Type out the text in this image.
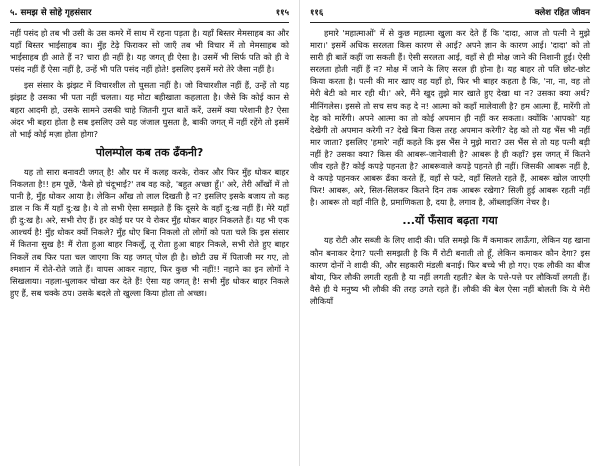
५. समझ से सोहे गृहसंसार	११५

नहीं पसंद हो तब भी उसी के उस कमरे में साथ में रहना पड़ता है। यहाँ बिस्तर मेमसाहब का और यहाँ बिस्तर भाईसाहब का। मुँह टेढ़े फिराकर सो जाएँ तब भी विचार में तो मेमसाहब को भाईसाहब ही आते हैं न? चारा ही नहीं है। यह जगत् ही ऐसा है। उसमें भी सिर्फ पति को ही वे पसंद नहीं हैं ऐसा नहीं है, उन्हें भी पति पसंद नहीं होते! इसलिए इसमें मरो तेरे जैसा नहीं है।

इस संसार के झंझट में विचारशील तो घुसता नहीं है। जो विचारशील नहीं हैं, उन्हें तो यह झंझट है उसका भी पता नहीं चलता। यह मोटा बहीखाता कहलाता है। जैसे कि कोई कान से बहरा आदमी हो, उसके सामने उसकी चाहे जितनी गुप्त बातें करें, उसमें क्या परेशानी है? ऐसा अंदर भी बहरा होता है सब इसलिए उसे यह जंजाल घुसता है, बाकी जगत् में नहीं रहेंगे तो इसमें तो भाई कोई मज़ा होता होगा?

पोलम्पोल कब तक ढँकनी?

यह तो सारा बनावटी जगत् है! और घर में कलह करके, रोकर और फिर मुँह धोकर बाहर निकलता है!! हम पूछें, 'कैसे हो चंदूभाई?' तब वह कहे, 'बहुत अच्छा हूँ।' अरे, तेरी आँखों में तो पानी है, मुँह धोकर आया है। लेकिन आँख तो लाल दिखती है न? इसलिए इसके बजाय तो कह डाल न कि मैं यहाँ दु:ख है। ये तो सभी ऐसा समझते हैं कि दूसरे के वहाँ दु:ख नहीं हैं। मेरे यहाँ ही दु:ख है। अरे, सभी रोए हैं। हर कोई घर पर ये रोकर मुँह धोकर बाहर निकलते हैं। यह भी एक आश्चर्य है! मुँह धोकर क्यों निकले? मुँह धोए बिना निकलो तो लोगों को पता चले कि इस संसार में कितना सुख है! मैं रोता हुआ बाहर निकलूँ, तू रोता हुआ बाहर निकले, सभी रोते हुए बाहर निकलें तब फिर पता चल जाएगा कि यह जगत् पोल ही है। छोटी उम्र में पिताजी मर गए, तो श्मशान में रोते-रोते जाते हैं। वापस आकर नहाए, फिर कुछ भी नहीं!! नहाने का इन लोगों ने सिखलाया। नहला-धुलाकर चोखा कर देते हैं! ऐसा यह जगत् है! सभी मुँह धोकर बाहर निकले हुए हैं, सब चक्के ठप। उसके बदले तो खुल्ला किया होता तो अच्छा।

११६	क्लेश रहित जीवन

हमारे 'महात्माओं' में से कुछ महात्मा खुला कर देते हैं कि 'दादा, आज तो पत्नी ने मुझे मारा।' इसमें अधिक सरलता किस कारण से आई? अपने ज्ञान के कारण आई। 'दादा' को तो सारी ही बातें कहीं जा सकती हैं। ऐसी सरलता आई, वहाँ से ही मोक्ष जाने की निशानी हुई। ऐसी सरलता होती नहीं हैं न? मोक्ष में जाने के लिए सरल ही होना है। यह बाहर तो पति छोट-छोट किया करता है। पत्नी की मार खाए वह यहाँ हो, फिर भी बाहर कहता है कि, 'ना, ना, वह तो मेरी बेटी को मार रही थी।' अरे, मैंने खुद तुझे मार खाते हुए देखा था न? उसका क्या अर्थ? मीनिंगलेस। इससे तो सच सच कह दे न! आत्मा को कहाँ मालेवाली है? हम आत्मा हैं, मारेंगी तो देह को मारेंगी। अपने आत्मा का तो कोई अपमान ही नहीं कर सकता। क्योंकि 'आपको' यह देखेगी तो अपमान करेगी न? देखे बिना किस तरह अपमान करेगी? देह को तो यह भैंस भी नहीं मार जाता? इसलिए 'हमारे' नहीं कहते कि इस भैंस ने मुझे मारा? उस भैंस से तो यह पत्नी बड़ी नहीं है? उसका क्या? किस की आबरू-जानेवाली है? आबरू है ही कहाँ? इस जगत् में कितने जीव रहते हैं? कोई कपड़े पहनता है? आबरूवाले कपड़े पहनते ही नहीं। जिसकी आबरू नहीं है, वे कपड़े पहनकर आबरू ढँका करते हैं, वहाँ से फटे, वहाँ सिलते रहते हैं, आबरू खोल जाएगी फिर! आबरू, अरे, सिल-सिलकर कितने दिन तक आबरू रखेगा? सिली हुई आबरू रहती नहीं है। आबरू तो वहाँ नीति है, प्रमाणिकता है, दया है, लगाव है, ऑब्लाइजिंग नेचर है।

...यों फँसाव बढ़ता गया

यह रोटी और सब्जी के लिए शादी की। पति समझे कि मैं कमाकर लाऊँगा, लेकिन यह खाना कौन बनाकर देगा? पत्नी समझती है कि मैं रोटी बनाती तो हूँ, लेकिन कमाकर कौन देगा? इस कारण दोनों ने शादी की, और सहकारी मंडली बनाई। फिर बच्चे भी हो गए। एक लौकी का बीज बोया, फिर लौकी लगती रहती है या नहीं लगती रहती? बेल के पत्ते-पत्ते पर लौकियाँ लगती हैं। वैसे ही ये मनुष्य भी लौकी की तरह उगते रहते हैं। लौकी की बेल ऐसा नहीं बोलती कि ये मेरी लौकियाँ
